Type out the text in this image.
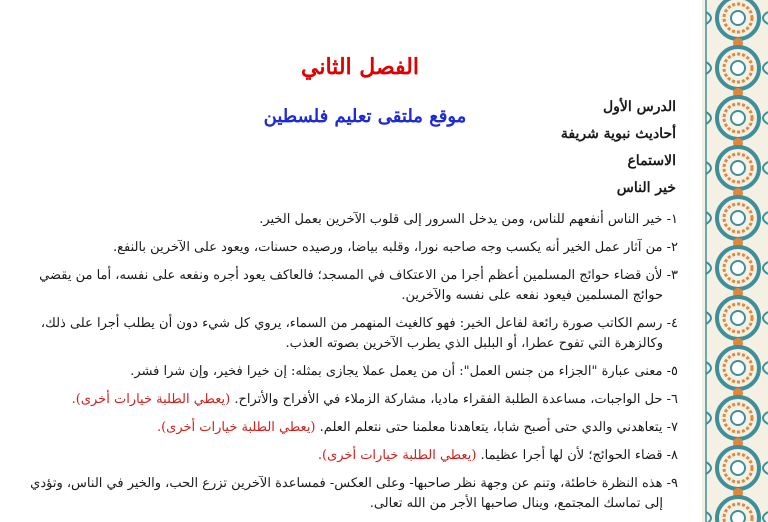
الفصل الثاني
موقع ملتقى تعليم فلسطين	الدرس الأول
أحاديث نبوية شريفة
الاستماع
خير الناس
١- خير الناس أنفعهم للناس، ومن يدخل السرور إلى قلوب الآخرين بعمل الخير.
٢- من آثار عمل الخير أنه يكسب وجه صاحبه نورا، وقلبه بياضا، ورصيده حسنات، ويعود على الآخرين بالنفع.
٣- لأن قضاء حوائج المسلمين أعظم أجرا من الاعتكاف في المسجد؛ فالعاكف يعود أجره ونفعه على نفسه، أما من يقضي
حوائج المسلمين فيعود نفعه على نفسه والآخرين.
٤- رسم الكاتب صورة رائعة لفاعل الخير: فهو كالغيث المنهمر من السماء، يروي كل شيء دون أن يطلب أجرا على ذلك،
وكالزهرة التي تفوح عطرا، أو البلبل الذي يطرب الآخرين بصوته العذب.
٥- معنى عبارة "الجزاء من جنس العمل": أن من يعمل عملا يجازى بمثله: إن خيرا فخير، وإن شرا فشر.
٦- حل الواجبات، مساعدة الطلبة الفقراء ماديا، مشاركة الزملاء في الأفراح والأتراح. (يعطي الطلبة خيارات أخرى).
٧- يتعاهدني والدي حتى أصبح شابا، يتعاهدنا معلمنا حتى نتعلم العلم. (يعطي الطلبة خيارات أخرى).
٨- قضاء الحوائج؛ لأن لها أجرا عظيما. (يعطي الطلبة خيارات أخرى).
٩- هذه النظرة خاطئة، وتنم عن وجهة نظر صاحبها- وعلى العكس- فمساعدة الآخرين تزرع الحب، والخير في الناس، وتؤدي
إلى تماسك المجتمع، وينال صاحبها الأجر من الله تعالى.
